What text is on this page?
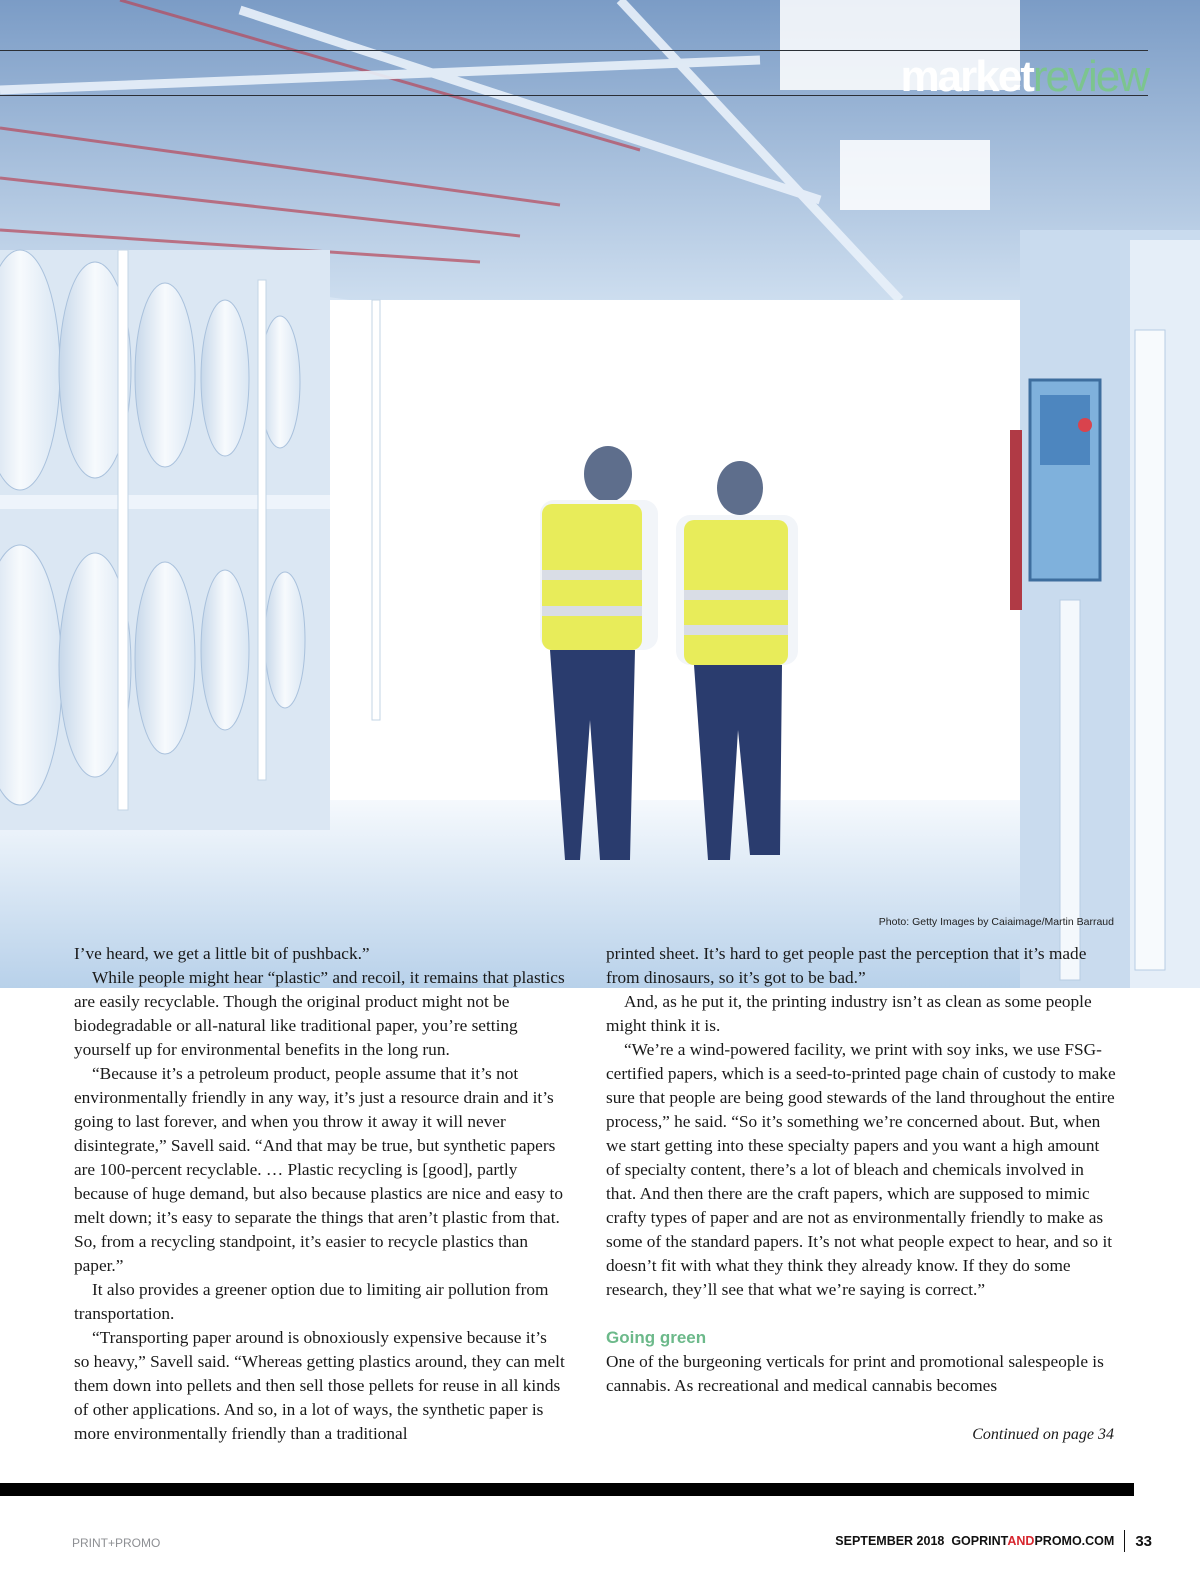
marketreview
Photo: Getty Images by Caiaimage/Martin Barraud

I’ve heard, we get a little bit of pushback.”

While people might hear “plastic” and recoil, it remains that plastics are easily recyclable. Though the original product might not be biodegradable or all-natural like traditional paper, you’re setting yourself up for environmental benefits in the long run.

“Because it’s a petroleum product, people assume that it’s not environmentally friendly in any way, it’s just a resource drain and it’s going to last forever, and when you throw it away it will never disintegrate,” Savell said. “And that may be true, but synthetic papers are 100-percent recyclable. … Plastic recycling is [good], partly because of huge demand, but also because plastics are nice and easy to melt down; it’s easy to separate the things that aren’t plastic from that. So, from a recycling standpoint, it’s easier to recycle plastics than paper.”

It also provides a greener option due to limiting air pollution from transportation.

“Transporting paper around is obnoxiously expensive because it’s so heavy,” Savell said. “Whereas getting plastics around, they can melt them down into pellets and then sell those pellets for reuse in all kinds of other applications. And so, in a lot of ways, the synthetic paper is more environmentally friendly than a traditional

printed sheet. It’s hard to get people past the perception that it’s made from dinosaurs, so it’s got to be bad.”

And, as he put it, the printing industry isn’t as clean as some people might think it is.

“We’re a wind-powered facility, we print with soy inks, we use FSG-certified papers, which is a seed-to-printed page chain of custody to make sure that people are being good stewards of the land throughout the entire process,” he said. “So it’s something we’re concerned about. But, when we start getting into these specialty papers and you want a high amount of specialty content, there’s a lot of bleach and chemicals involved in that. And then there are the craft papers, which are supposed to mimic crafty types of paper and are not as environmentally friendly to make as some of the standard papers. It’s not what people expect to hear, and so it doesn’t fit with what they think they already know. If they do some research, they’ll see that what we’re saying is correct.”

Going green

One of the burgeoning verticals for print and promotional salespeople is cannabis. As recreational and medical cannabis becomes

Continued on page 34
PRINT+PROMO	SEPTEMBER 2018
GOPRINTANDPROMO.COM 33
